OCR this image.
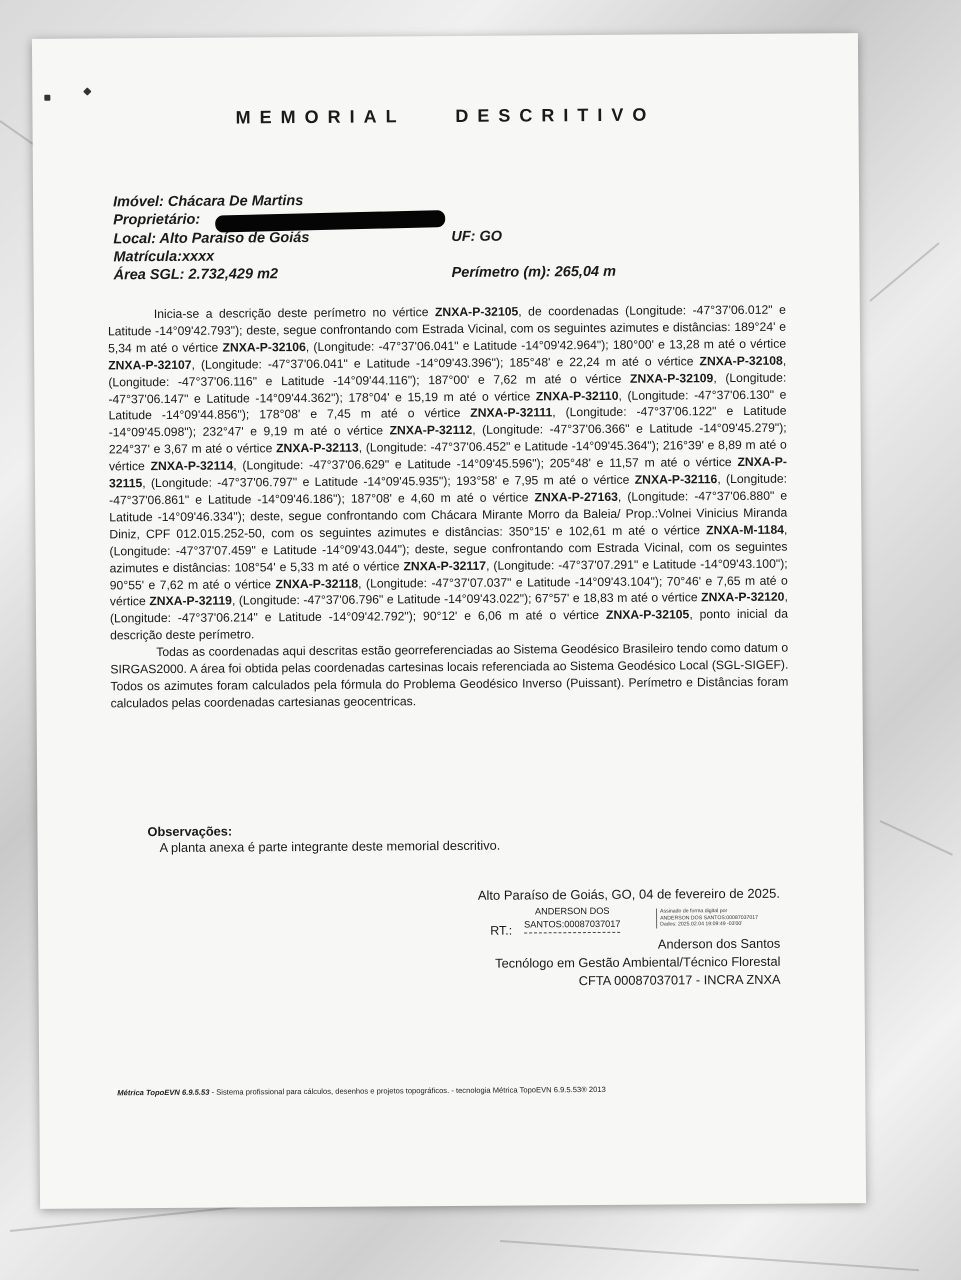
MEMORIAL DESCRITIVO
Imóvel: Chácara De Martins
Proprietário:
Local: Alto Paraíso de Goiás	UF: GO
Matrícula:xxxx
Área SGL: 2.732,429 m2	Perímetro (m): 265,04 m

Inicia-se a descrição deste perímetro no vértice ZNXA-P-32105, de coordenadas (Longitude: -47°37'06.012" e Latitude -14°09'42.793"); deste, segue confrontando com Estrada Vicinal, com os seguintes azimutes e distâncias: 189°24' e 5,34 m até o vértice ZNXA-P-32106, (Longitude: -47°37'06.041" e Latitude -14°09'42.964"); 180°00' e 13,28 m até o vértice ZNXA-P-32107, (Longitude: -47°37'06.041" e Latitude -14°09'43.396"); 185°48' e 22,24 m até o vértice ZNXA-P-32108, (Longitude: -47°37'06.116" e Latitude -14°09'44.116"); 187°00' e 7,62 m até o vértice ZNXA-P-32109, (Longitude: -47°37'06.147" e Latitude -14°09'44.362"); 178°04' e 15,19 m até o vértice ZNXA-P-32110, (Longitude: -47°37'06.130" e Latitude -14°09'44.856"); 178°08' e 7,45 m até o vértice ZNXA-P-32111, (Longitude: -47°37'06.122" e Latitude -14°09'45.098"); 232°47' e 9,19 m até o vértice ZNXA-P-32112, (Longitude: -47°37'06.366" e Latitude -14°09'45.279"); 224°37' e 3,67 m até o vértice ZNXA-P-32113, (Longitude: -47°37'06.452" e Latitude -14°09'45.364"); 216°39' e 8,89 m até o vértice ZNXA-P-32114, (Longitude: -47°37'06.629" e Latitude -14°09'45.596"); 205°48' e 11,57 m até o vértice ZNXA-P-32115, (Longitude: -47°37'06.797" e Latitude -14°09'45.935"); 193°58' e 7,95 m até o vértice ZNXA-P-32116, (Longitude: -47°37'06.861" e Latitude -14°09'46.186"); 187°08' e 4,60 m até o vértice ZNXA-P-27163, (Longitude: -47°37'06.880" e Latitude -14°09'46.334"); deste, segue confrontando com Chácara Mirante Morro da Baleia/ Prop.:Volnei Vinicius Miranda Diniz, CPF 012.015.252-50, com os seguintes azimutes e distâncias: 350°15' e 102,61 m até o vértice ZNXA-M-1184, (Longitude: -47°37'07.459" e Latitude -14°09'43.044"); deste, segue confrontando com Estrada Vicinal, com os seguintes azimutes e distâncias: 108°54' e 5,33 m até o vértice ZNXA-P-32117, (Longitude: -47°37'07.291" e Latitude -14°09'43.100"); 90°55' e 7,62 m até o vértice ZNXA-P-32118, (Longitude: -47°37'07.037" e Latitude -14°09'43.104"); 70°46' e 7,65 m até o vértice ZNXA-P-32119, (Longitude: -47°37'06.796" e Latitude -14°09'43.022"); 67°57' e 18,83 m até o vértice ZNXA-P-32120, (Longitude: -47°37'06.214" e Latitude -14°09'42.792"); 90°12' e 6,06 m até o vértice ZNXA-P-32105, ponto inicial da descrição deste perímetro.

Todas as coordenadas aqui descritas estão georreferenciadas ao Sistema Geodésico Brasileiro tendo como datum o SIRGAS2000. A área foi obtida pelas coordenadas cartesinas locais referenciada ao Sistema Geodésico Local (SGL-SIGEF). Todos os azimutes foram calculados pela fórmula do Problema Geodésico Inverso (Puissant). Perímetro e Distâncias foram calculados pelas coordenadas cartesianas geocentricas.

Observações:
A planta anexa é parte integrante deste memorial descritivo.
Alto Paraíso de Goiás, GO, 04 de fevereiro de 2025.
RT.:
ANDERSON DOS
SANTOS:00087037017
Assinado de forma digital por
ANDERSON DOS SANTOS:00087037017
Dados: 2025.02.04 19:09:49 -03'00'
Anderson dos Santos
Tecnólogo em Gestão Ambiental/Técnico Florestal
CFTA 00087037017 - INCRA ZNXA
Métrica TopoEVN 6.9.5.53 - Sistema profissional para cálculos, desenhos e projetos topográficos. - tecnologia Métrica TopoEVN 6.9.5.53® 2013
